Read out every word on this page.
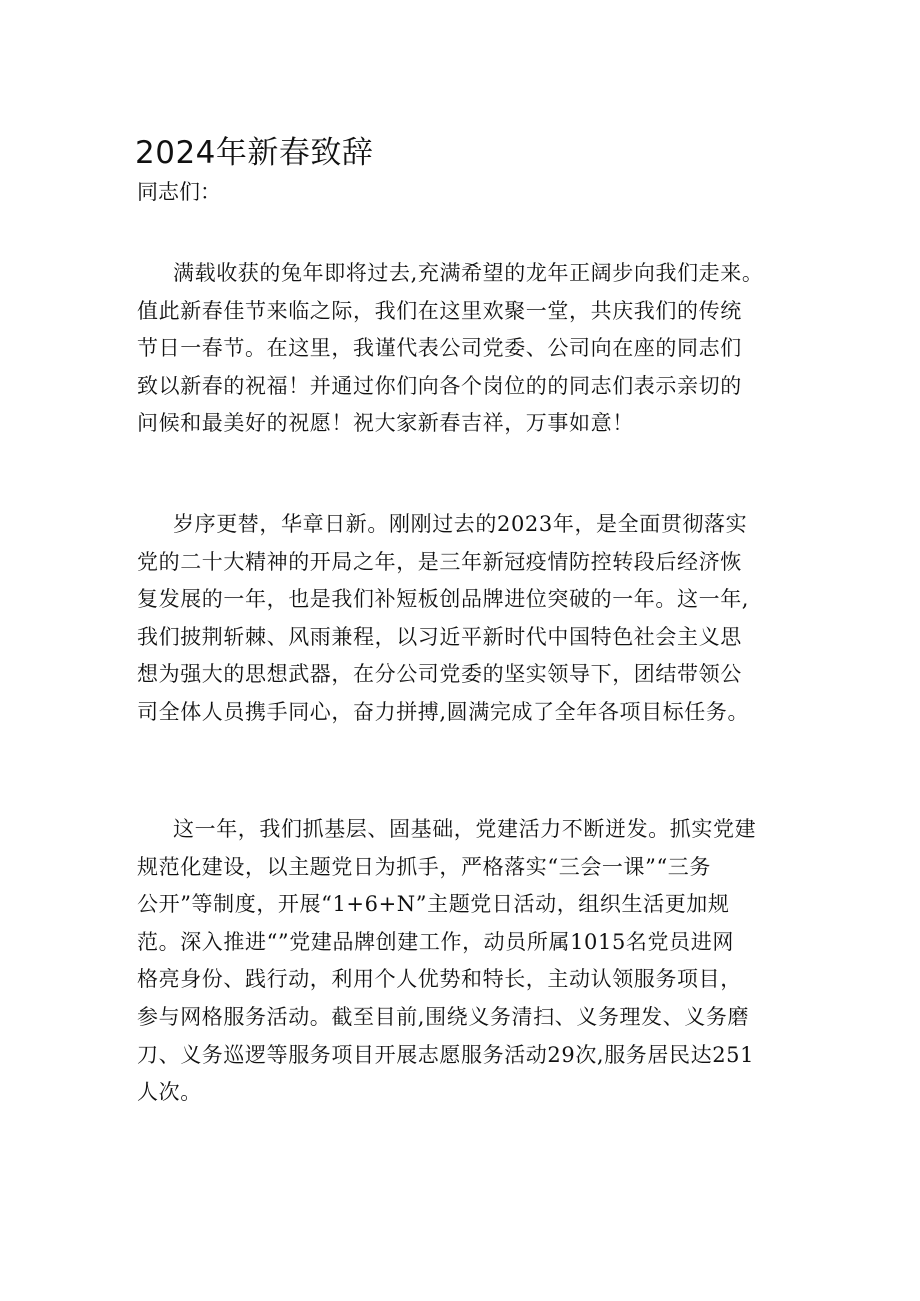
2024年新春致辞

同志们：

满载收获的兔年即将过去,充满希望的龙年正阔步向我们走来。
值此新春佳节来临之际，我们在这里欢聚一堂，共庆我们的传统
节日一春节。在这里，我谨代表公司党委、公司向在座的同志们
致以新春的祝福！并通过你们向各个岗位的的同志们表示亲切的
问候和最美好的祝愿！祝大家新春吉祥，万事如意！

岁序更替，华章日新。刚刚过去的2023年，是全面贯彻落实
党的二十大精神的开局之年，是三年新冠疫情防控转段后经济恢
复发展的一年，也是我们补短板创品牌进位突破的一年。这一年,
我们披荆斩棘、风雨兼程，以习近平新时代中国特色社会主义思
想为强大的思想武器，在分公司党委的坚实领导下，团结带领公
司全体人员携手同心，奋力拼搏,圆满完成了全年各项目标任务。

这一年，我们抓基层、固基础，党建活力不断迸发。抓实党建
规范化建设，以主题党日为抓手，严格落实“三会一课”“三务
公开”等制度，开展“1+6+N”主题党日活动，组织生活更加规
范。深入推进“”党建品牌创建工作，动员所属1015名党员进网
格亮身份、践行动，利用个人优势和特长，主动认领服务项目，
参与网格服务活动。截至目前,围绕义务清扫、义务理发、义务磨
刀、义务巡逻等服务项目开展志愿服务活动29次,服务居民达251
人次。
